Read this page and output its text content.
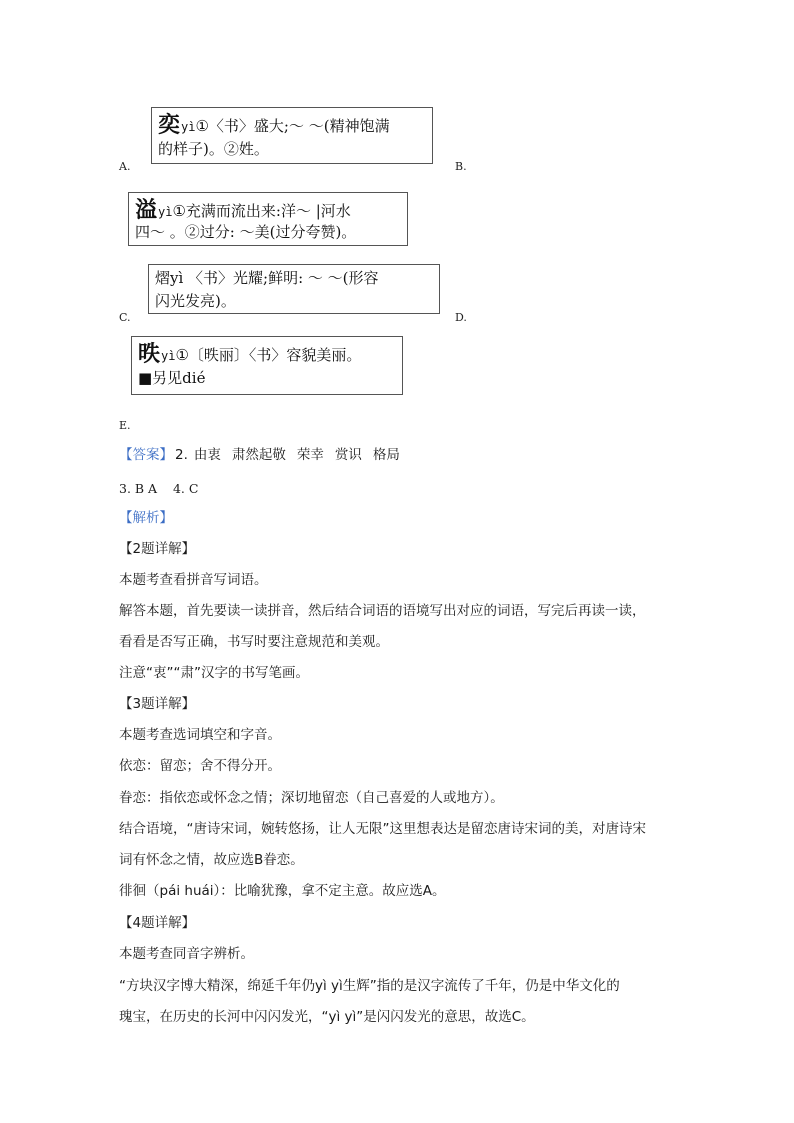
奕yì①〈书〉盛大;～ ～(精神饱满
的样子)。②姓。
A.	B.
溢yì①充满而流出来:洋～ |河水
四～ 。②过分: ～美(过分夸赞)。
熠yì 〈书〉光耀;鲜明: ～ ～(形容
闪光发亮)。
C.	D.
昳yì①〔昳丽〕〈书〉容貌美丽。
■另见dié
E.
【答案】 2. 由衷 肃然起敬 荣幸 赏识 格局
3. B A    4. C
【解析】
【2题详解】
本题考查看拼音写词语。
解答本题，首先要读一读拼音，然后结合词语的语境写出对应的词语，写完后再读一读，
看看是否写正确，书写时要注意规范和美观。
注意“衷”“肃”汉字的书写笔画。
【3题详解】
本题考查选词填空和字音。
依恋：留恋；舍不得分开。
眷恋：指依恋或怀念之情；深切地留恋（自己喜爱的人或地方）。
结合语境，“唐诗宋词，婉转悠扬，让人无限”这里想表达是留恋唐诗宋词的美，对唐诗宋
词有怀念之情，故应选B眷恋。
徘徊（pái huái）：比喻犹豫，拿不定主意。故应选A。
【4题详解】
本题考查同音字辨析。
“方块汉字博大精深，绵延千年仍yì yì生辉”指的是汉字流传了千年，仍是中华文化的
瑰宝，在历史的长河中闪闪发光，“yì yì”是闪闪发光的意思，故选C。
